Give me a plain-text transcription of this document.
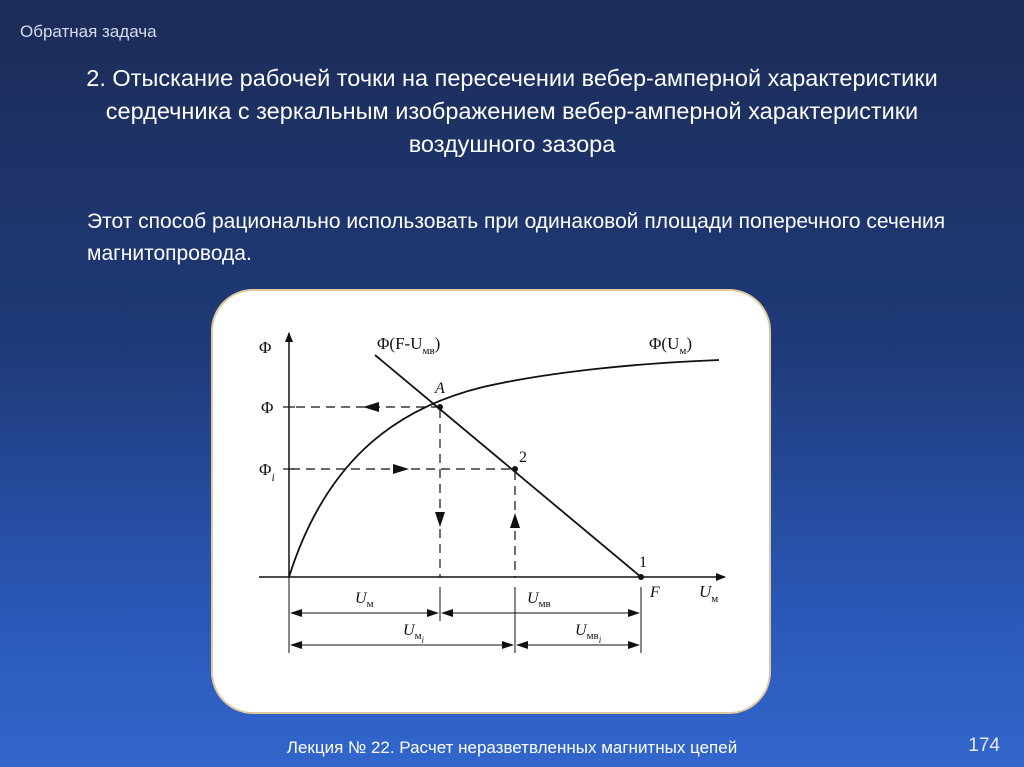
Обратная задача
2. Отыскание рабочей точки на пересечении вебер-амперной характеристики сердечника с зеркальным изображением вебер-амперной характеристики воздушного зазора
Этот способ рационально использовать при одинаковой площади поперечного сечения магнитопровода.
Φ
Φ
$\Phi_i$
$\Phi(F-U_{мв})$	$\Phi(U_м)$
A
2
1
F $U_м$
$U_м$	$U_{мв}$
$U_{мi}$
$U_{мвi}$
Лекция № 22. Расчет неразветвленных магнитных цепей	174
